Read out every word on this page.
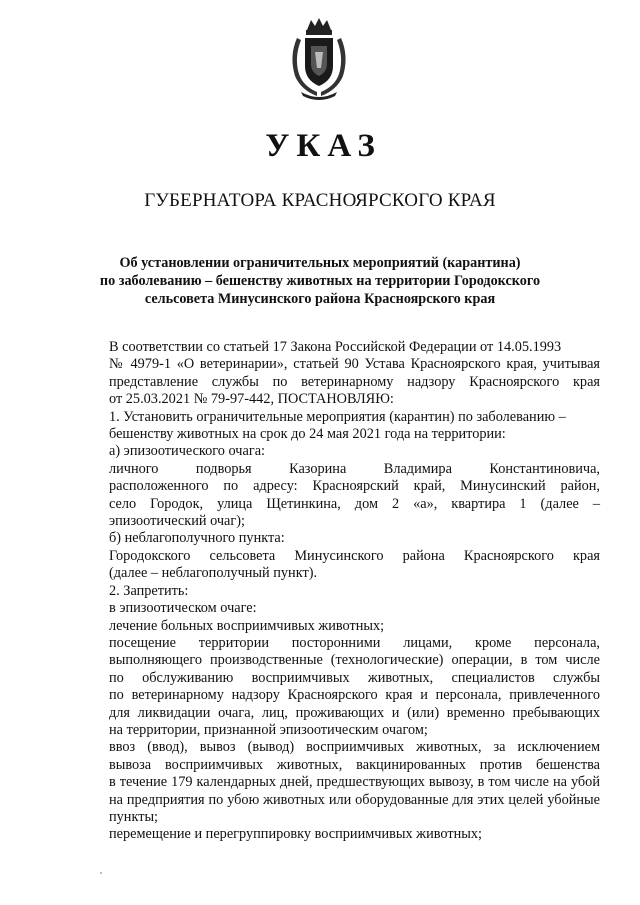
УКАЗ
ГУБЕРНАТОРА КРАСНОЯРСКОГО КРАЯ
Об установлении ограничительных мероприятий (карантина)
по заболеванию – бешенству животных на территории Городокского
сельсовета Минусинского района Красноярского края

В соответствии со статьей 17 Закона Российской Федерации от 14.05.1993
№ 4979-1 «О ветеринарии», статьей 90 Устава Красноярского края, учитывая
представление службы по ветеринарному надзору Красноярского края
от 25.03.2021 № 79-97-442, ПОСТАНОВЛЯЮ:

1. Установить ограничительные мероприятия (карантин) по заболеванию –
бешенству животных на срок до 24 мая 2021 года на территории:

а) эпизоотического очага:

личного подворья Казорина Владимира Константиновича,
расположенного по адресу: Красноярский край, Минусинский район,
село Городок, улица Щетинкина, дом 2 «а», квартира 1 (далее –
эпизоотический очаг);

б) неблагополучного пункта:

Городокского сельсовета Минусинского района Красноярского края
(далее – неблагополучный пункт).

2. Запретить:

в эпизоотическом очаге:

лечение больных восприимчивых животных;

посещение территории посторонними лицами, кроме персонала,
выполняющего производственные (технологические) операции, в том числе
по обслуживанию восприимчивых животных, специалистов службы
по ветеринарному надзору Красноярского края и персонала, привлеченного
для ликвидации очага, лиц, проживающих и (или) временно пребывающих
на территории, признанной эпизоотическим очагом;

ввоз (ввод), вывоз (вывод) восприимчивых животных, за исключением
вывоза восприимчивых животных, вакцинированных против бешенства
в течение 179 календарных дней, предшествующих вывозу, в том числе на убой
на предприятия по убою животных или оборудованные для этих целей убойные
пункты;

перемещение и перегруппировку восприимчивых животных;
